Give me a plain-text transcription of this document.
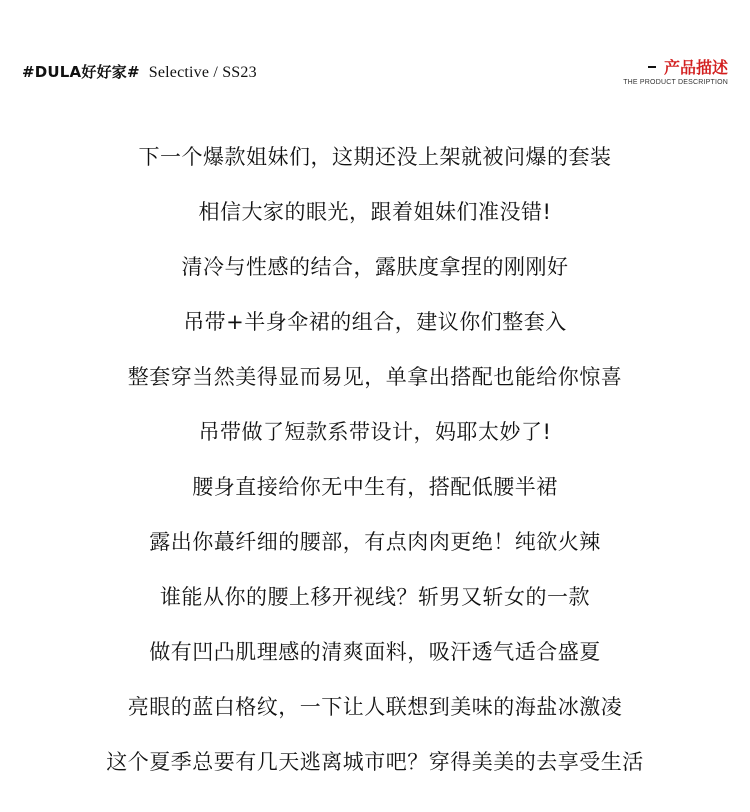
#DULA好好家# Selective / SS23	产品描述
THE PRODUCT DESCRIPTION
下一个爆款姐妹们，这期还没上架就被问爆的套装
相信大家的眼光，跟着姐妹们准没错!
清冷与性感的结合，露肤度拿捏的刚刚好
吊带+半身伞裙的组合，建议你们整套入
整套穿当然美得显而易见，单拿出搭配也能给你惊喜
吊带做了短款系带设计，妈耶太妙了!
腰身直接给你无中生有，搭配低腰半裙
露出你蕞纤细的腰部，有点肉肉更绝！纯欲火辣
谁能从你的腰上移开视线？斩男又斩女的一款
做有凹凸肌理感的清爽面料，吸汗透气适合盛夏
亮眼的蓝白格纹，一下让人联想到美味的海盐冰激凌
这个夏季总要有几天逃离城市吧？穿得美美的去享受生活
